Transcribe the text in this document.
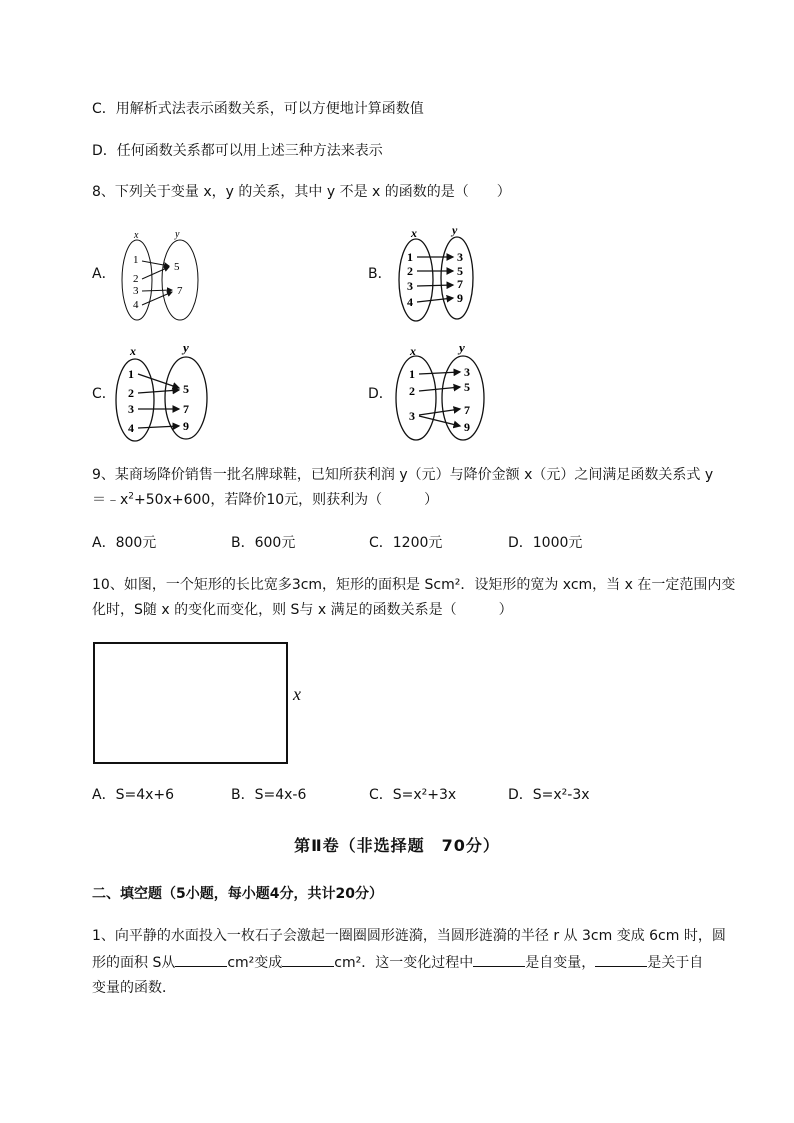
C．用解析式法表示函数关系，可以方便地计算函数值
D．任何函数关系都可以用上述三种方法来表示
8、下列关于变量 x，y 的关系，其中 y 不是 x 的函数的是（　　）
A．
x	y
1
2
3
4
5
7
B．
x	y
1
2
3
4
3
5
7
9
C．
x	y
1
2
3
4
5
7
9
D．
x	y
1
2
3
3
5
7
9
9、某商场降价销售一批名牌球鞋，已知所获利润 y（元）与降价金额 x（元）之间满足函数关系式 y
$=﹣x^2+50x+600$，若降价10元，则获利为（　　　）
A．800元	B．600元	C．1200元	D．1000元
10、如图，一个矩形的长比宽多3cm，矩形的面积是 Scm²．设矩形的宽为 xcm，当 x 在一定范围内变
化时，S随 x 的变化而变化，则 S与 x 满足的函数关系是（　　　）
x
A．S=4x+6	B．S=4x-6	C．S=x²+3x	D．S=x²-3x
第Ⅱ卷（非选择题　70分）
二、填空题（5小题，每小题4分，共计20分）
1、向平静的水面投入一枚石子会激起一圈圈圆形涟漪，当圆形涟漪的半径 r 从 3cm 变成 6cm 时，圆
形的面积 S从	cm²变成	cm²．这一变化过程中	是自变量，	是关于自
变量的函数．
